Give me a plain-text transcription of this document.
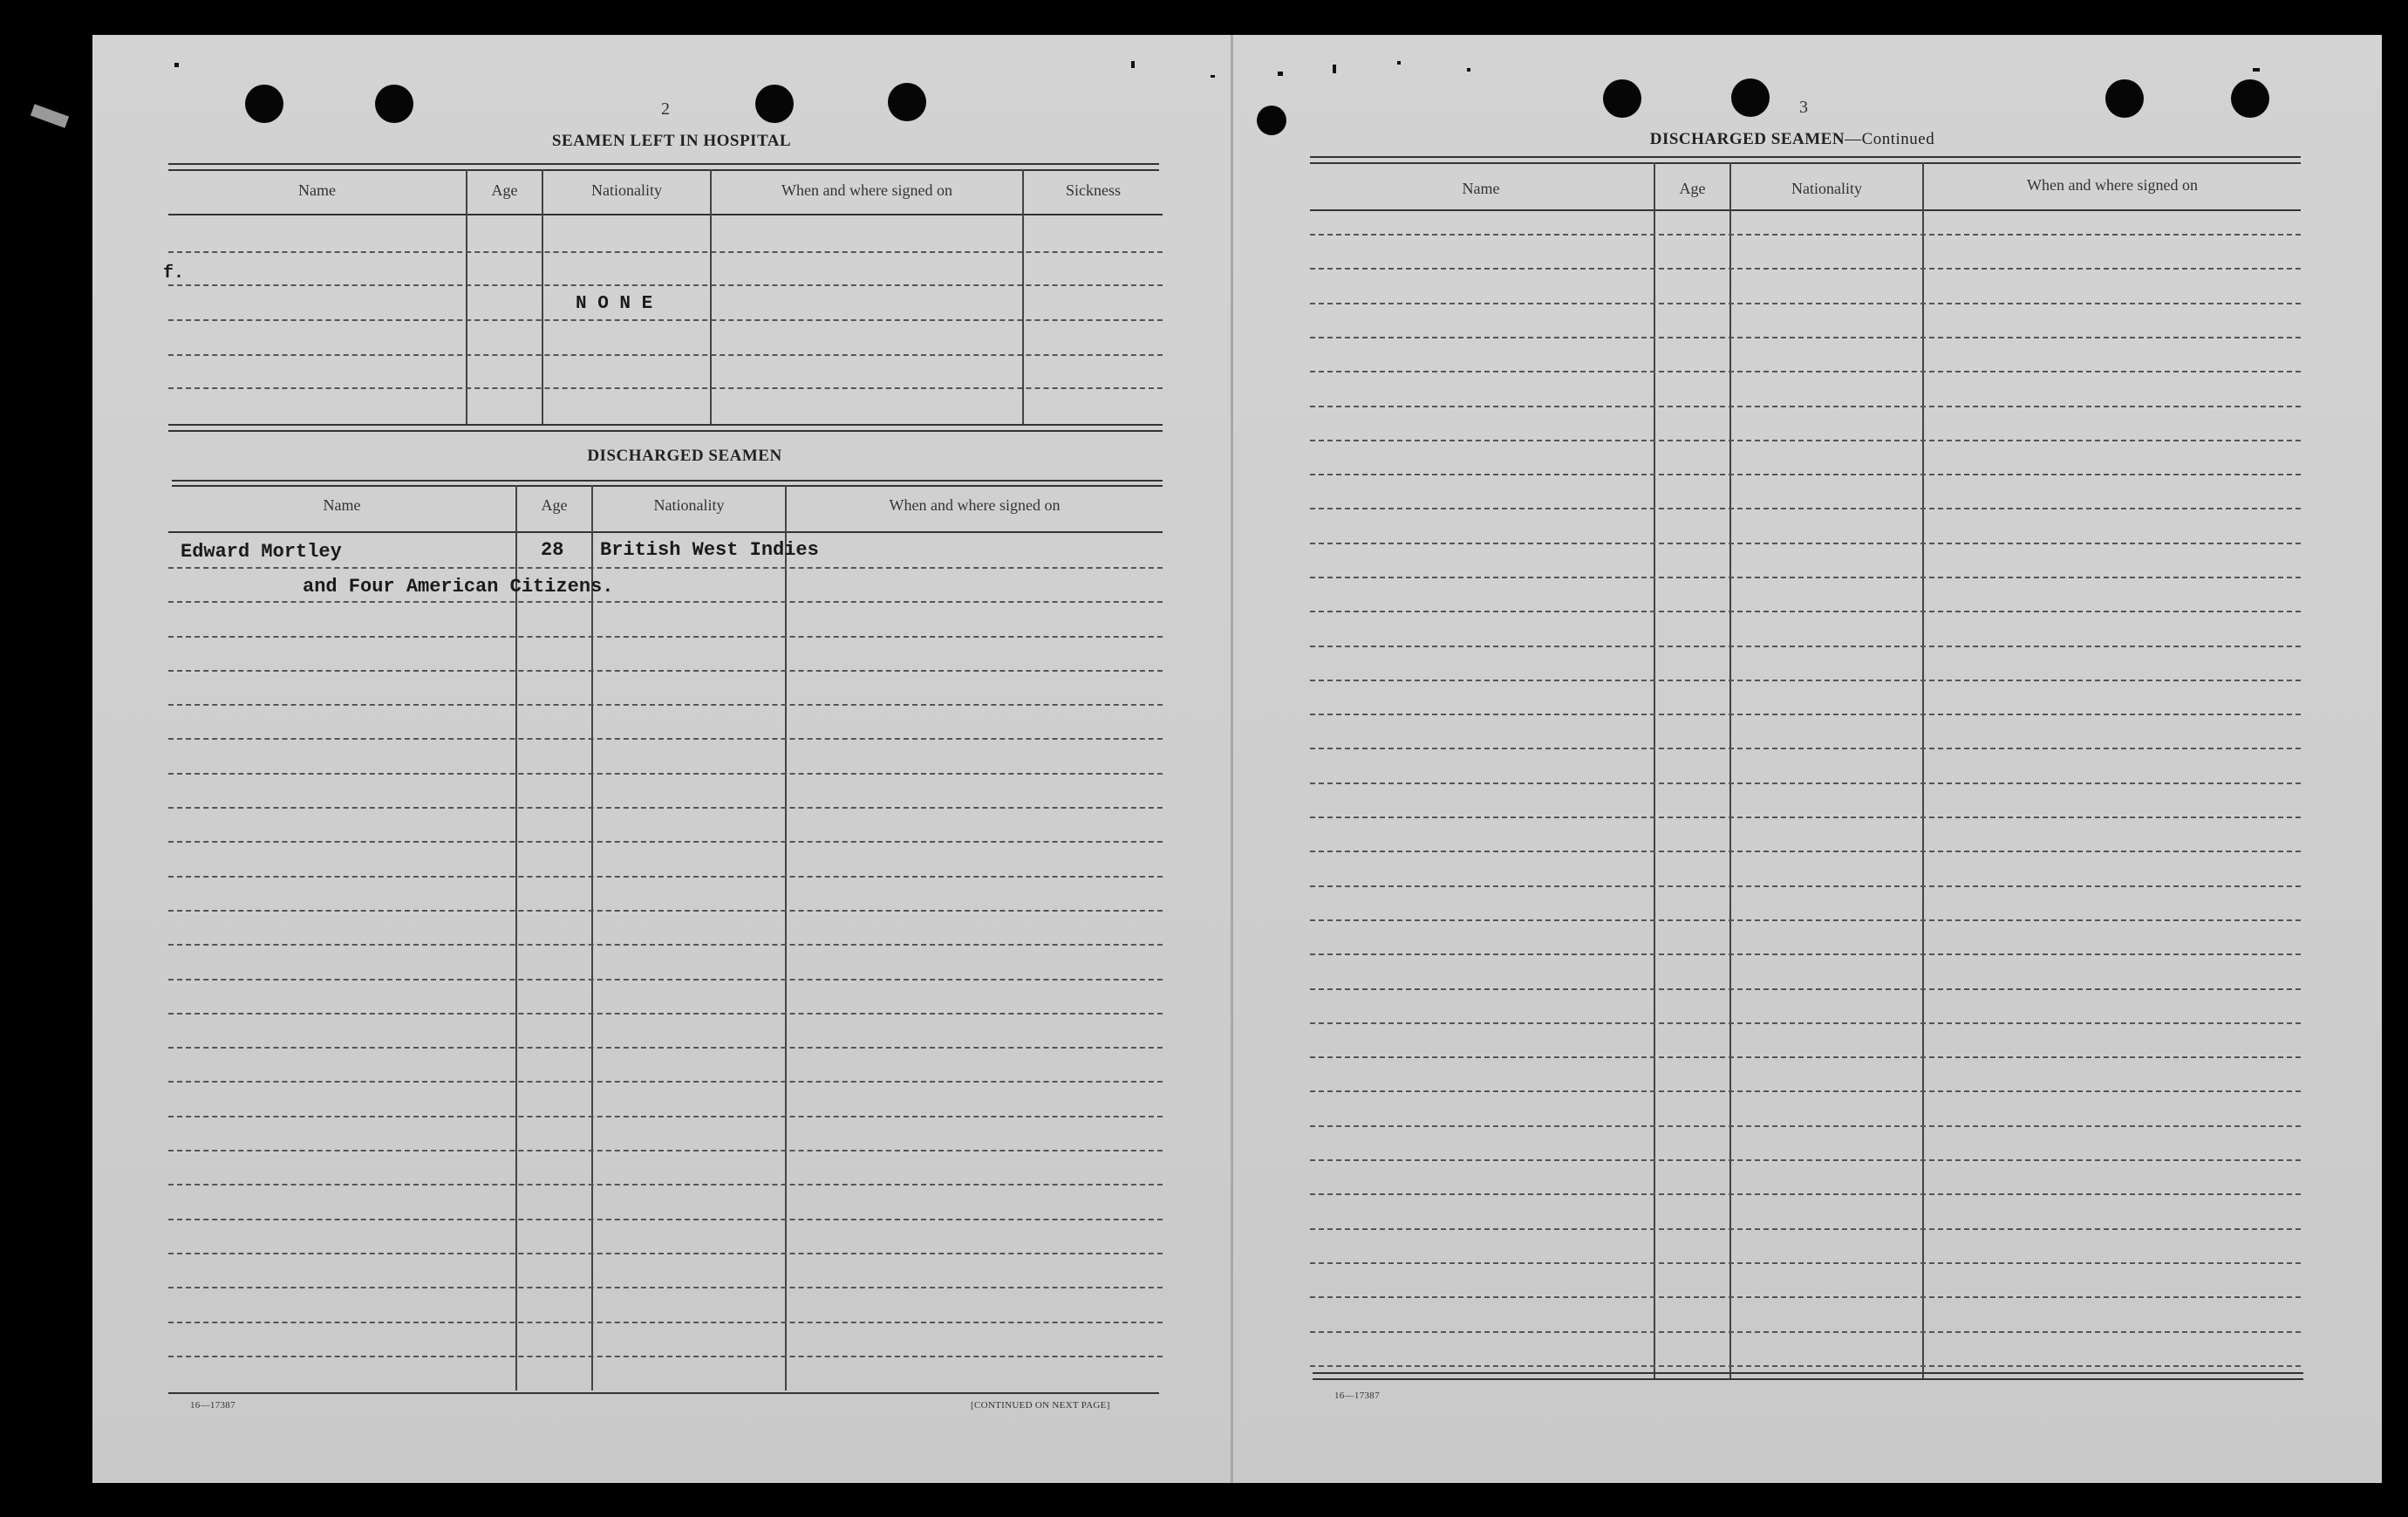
2
SEAMEN LEFT IN HOSPITAL
Name	Age	Nationality	When and where signed on	Sickness
f.
N O N E
DISCHARGED SEAMEN
Name	Age	Nationality	When and where signed on
Edward Mortley	28 British West Indies
and Four American Citizens.
16—17387	[CONTINUED ON NEXT PAGE]
3
DISCHARGED SEAMEN—Continued
Name	Age	Nationality	When and where signed on
16—17387
